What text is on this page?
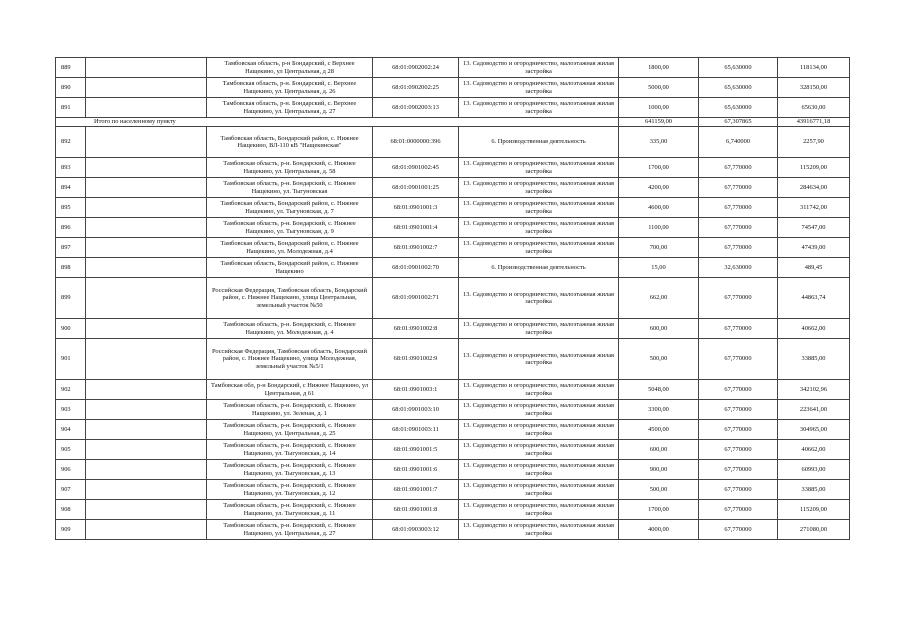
889		Тамбовская область, р-н Бондарский, с Верхнее Нащекино, ул Центральная, д 28	68:01:0902002:24	13. Садоводство и огородничество, малоэтажная жилая застройка	1800,00	65,630000	118134,00
890		Тамбовская область, р-н. Бондарский, с. Верхнее Нащекино, ул. Центральная, д. 26	68:01:0902002:25	13. Садоводство и огородничество, малоэтажная жилая застройка	5000,00	65,630000	328150,00
891		Тамбовская область, р-н. Бондарский, с. Верхнее Нащекино, ул. Центральная, д. 27	68:01:0902003:13	13. Садоводство и огородничество, малоэтажная жилая застройка	1000,00	65,630000	65630,00
Итого по населенному пункту					641159,00	67,307865	43916771,18
892		Тамбовская область, Бондарский район, с. Нижнее Нащекино, ВЛ-110 кВ "Нащекинская"	68:01:0000000:396	6. Производственная деятельность	335,00	6,740000	2257,90
893		Тамбовская область, р-н. Бондарский, с. Нижнее Нащекино, ул. Центральная, д. 58	68:01:0901002:45	13. Садоводство и огородничество, малоэтажная жилая застройка	1700,00	67,770000	115209,00
894		Тамбовская область, р-н. Бондарский, с. Нижнее Нащекино, ул. Тыгуновская	68:01:0901001:25	13. Садоводство и огородничество, малоэтажная жилая застройка	4200,00	67,770000	284634,00
895		Тамбовская область, Бондарский район, с. Нижнее Нащекино, ул. Тыгуновская, д. 7	68:01:0901001:3	13. Садоводство и огородничество, малоэтажная жилая застройка	4600,00	67,770000	311742,00
896		Тамбовская область, р-н. Бондарский, с. Нижнее Нащекино, ул. Тыгуновская, д. 9	68:01:0901001:4	13. Садоводство и огородничество, малоэтажная жилая застройка	1100,00	67,770000	74547,00
897		Тамбовская область, Бондарский район, с. Нижнее Нащекино, ул. Молодежная, д.4	68:01:0901002:7	13. Садоводство и огородничество, малоэтажная жилая застройка	700,00	67,770000	47439,00
898		Тамбовская область, Бондарский район, с. Нижнее Нащекино	68:01:0901002:70	6. Производственная деятельность	15,00	32,630000	489,45
899		Российская Федерация, Тамбовская область, Бондарский район, с. Нижнее Нащекино, улица Центральная, земельный участок №50	68:01:0901002:71	13. Садоводство и огородничество, малоэтажная жилая застройка	662,00	67,770000	44863,74
900		Тамбовская область, р-н. Бондарский, с. Нижнее Нащекино, ул. Молодежная, д. 4	68:01:0901002:8	13. Садоводство и огородничество, малоэтажная жилая застройка	600,00	67,770000	40662,00
901		Российская Федерация, Тамбовская область, Бондарский район, с. Нижнее Нащекино, улица Молодежная, земельный участок №5/1	68:01:0901002:9	13. Садоводство и огородничество, малоэтажная жилая застройка	500,00	67,770000	33885,00
902		Тамбовская обл, р-н Бондарский, с Нижнее Нащекино, ул Центральная, д 61	68:01:0901003:1	13. Садоводство и огородничество, малоэтажная жилая застройка	5048,00	67,770000	342102,96
903		Тамбовская область, р-н. Бондарский, с. Нижнее Нащекино, ул. Зеленая, д. 1	68:01:0901003:10	13. Садоводство и огородничество, малоэтажная жилая застройка	3300,00	67,770000	223641,00
904		Тамбовская область, р-н. Бондарский, с. Нижнее Нащекино, ул. Центральная, д. 25	68:01:0901003:11	13. Садоводство и огородничество, малоэтажная жилая застройка	4500,00	67,770000	304965,00
905		Тамбовская область, р-н. Бондарский, с. Нижнее Нащекино, ул. Тыгуновская, д. 14	68:01:0901001:5	13. Садоводство и огородничество, малоэтажная жилая застройка	600,00	67,770000	40662,00
906		Тамбовская область, р-н. Бондарский, с. Нижнее Нащекино, ул. Тыгуновская, д. 13	68:01:0901001:6	13. Садоводство и огородничество, малоэтажная жилая застройка	900,00	67,770000	60993,00
907		Тамбовская область, р-н. Бондарский, с. Нижнее Нащекино, ул. Тыгуновская, д. 12	68:01:0901001:7	13. Садоводство и огородничество, малоэтажная жилая застройка	500,00	67,770000	33885,00
908		Тамбовская область, р-н. Бондарский, с. Нижнее Нащекино, ул. Тыгуновская, д. 11	68:01:0901001:8	13. Садоводство и огородничество, малоэтажная жилая застройка	1700,00	67,770000	115209,00
909		Тамбовская область, р-н. Бондарский, с. Нижнее Нащекино, ул. Центральная, д. 27	68:01:0903003:12	13. Садоводство и огородничество, малоэтажная жилая застройка	4000,00	67,770000	271080,00
